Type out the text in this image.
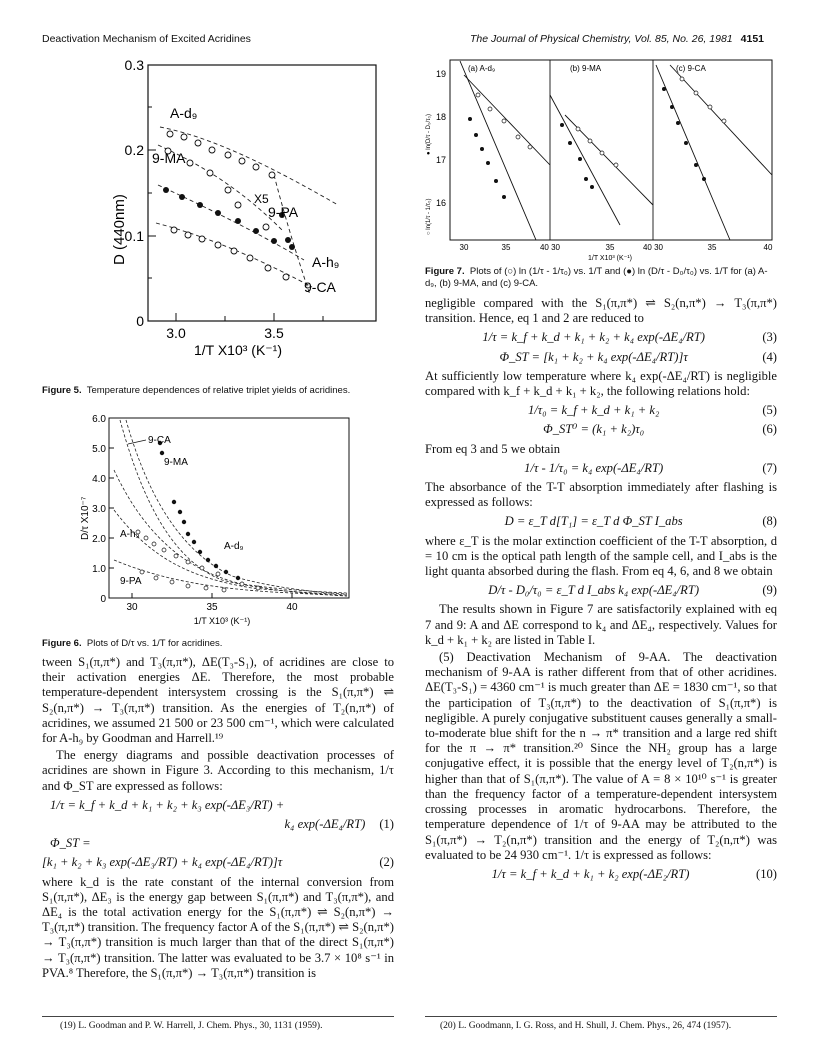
Deactivation Mechanism of Excited Acridines	The Journal of Physical Chemistry, Vol. 85, No. 26, 1981 4151
0.3
0.2
0.1
0
3.0	3.5
1/T X10³ (K⁻¹)
D (440nm)
A-d₉
9-MA
X5
9-PA
A-h₉
9-CA
Figure 5. Temperature dependences of relative triplet yields of acridines.
6.0
5.0
4.0
3.0
2.0
1.0
0
30	35	40
1/T X10³ (K⁻¹)
D/τ X10⁻⁷
9-CA
9-MA
A-h₉
A-d₉
9-PA
Figure 6. Plots of D/τ vs. 1/T for acridines.

tween S₁(π,π*) and T₃(π,π*), ΔE(T₃-S₁), of acridines are close to their activation energies ΔE. Therefore, the most probable temperature-dependent intersystem crossing is the S₁(π,π*) ⇌ S₂(n,π*) → T₃(π,π*) transition. As the energies of T₂(n,π*) of acridines, we assumed 21 500 or 23 500 cm⁻¹, which were calculated for A-h₉ by Goodman and Harrell.¹⁹

The energy diagrams and possible deactivation processes of acridines are shown in Figure 3. According to this mechanism, 1/τ and Φ_ST are expressed as follows:

1/τ = k_f + k_d + k₁ + k₂ + k₃ exp(-ΔE₃/RT) +
k₄ exp(-ΔE₄/RT) (1)
Φ_ST =
[k₁ + k₂ + k₃ exp(-ΔE₃/RT) + k₄ exp(-ΔE₄/RT)]τ	(2)

where k_d is the rate constant of the internal conversion from S₁(π,π*), ΔE₃ is the energy gap between S₁(π,π*) and T₃(π,π*), and ΔE₄ is the total activation energy for the S₁(π,π*) ⇌ S₂(n,π*) → T₃(π,π*) transition. The frequency factor A of the S₁(π,π*) ⇌ S₂(n,π*) → T₃(π,π*) transition is much larger than that of the direct S₁(π,π*) → T₃(π,π*) transition. The latter was evaluated to be 3.7 × 10⁸ s⁻¹ in PVA.⁸ Therefore, the S₁(π,π*) → T₃(π,π*) transition is

(19) L. Goodman and P. W. Harrell, J. Chem. Phys., 30, 1131 (1959).
(a) A-d₉	(b) 9-MA	(c) 9-CA
19
18
17
16
○ ln(1/τ - 1/τ₀)
● ln(D/τ - D₀/τ₀)
30	35	40 30	35	40 30	35	40
1/T X10³ (K⁻¹)
Figure 7. Plots of (○) ln (1/τ - 1/τ₀) vs. 1/T and (●) ln (D/τ - D₀/τ₀) vs. 1/T for (a) A-d₉, (b) 9-MA, and (c) 9-CA.

negligible compared with the S₁(π,π*) ⇌ S₂(n,π*) → T₃(π,π*) transition. Hence, eq 1 and 2 are reduced to

1/τ = k_f + k_d + k₁ + k₂ + k₄ exp(-ΔE₄/RT)	(3)
Φ_ST = [k₁ + k₂ + k₄ exp(-ΔE₄/RT)]τ	(4)

At sufficiently low temperature where k₄ exp(-ΔE₄/RT) is negligible compared with k_f + k_d + k₁ + k₂, the following relations hold:

1/τ₀ = k_f + k_d + k₁ + k₂	(5)
Φ_ST⁰ = (k₁ + k₂)τ₀	(6)

From eq 3 and 5 we obtain

1/τ - 1/τ₀ = k₄ exp(-ΔE₄/RT)	(7)

The absorbance of the T-T absorption immediately after flashing is expressed as follows:

D = ε_T d[T₁] = ε_T d Φ_ST I_abs	(8)

where ε_T is the molar extinction coefficient of the T-T absorption, d = 10 cm is the optical path length of the sample cell, and I_abs is the light quanta absorbed during the flash. From eq 4, 6, and 8 we obtain

D/τ - D₀/τ₀ = ε_T d I_abs k₄ exp(-ΔE₄/RT)	(9)

The results shown in Figure 7 are satisfactorily explained with eq 7 and 9: A and ΔE correspond to k₄ and ΔE₄, respectively. Values for k_d + k₁ + k₂ are listed in Table I.

(5) Deactivation Mechanism of 9-AA. The deactivation mechanism of 9-AA is rather different from that of other acridines. ΔE(T₃-S₁) = 4360 cm⁻¹ is much greater than ΔE = 1830 cm⁻¹, so that the participation of T₃(π,π*) to the deactivation of S₁(π,π*) is negligible. A purely conjugative substituent causes generally a small-to-moderate blue shift for the n → π* transition and a large red shift for the π → π* transition.²⁰ Since the NH₂ group has a large conjugative effect, it is possible that the energy level of T₂(n,π*) is higher than that of S₁(π,π*). The value of A = 8 × 10¹⁰ s⁻¹ is greater than the frequency factor of a temperature-dependent intersystem crossing processes in aromatic hydrocarbons. Therefore, the temperature dependence of 1/τ of 9-AA may be attributed to the S₁(π,π*) → T₂(n,π*) transition and the energy of T₂(n,π*) was evaluated to be 24 930 cm⁻¹. 1/τ is expressed as follows:

1/τ = k_f + k_d + k₁ + k₂ exp(-ΔE₂/RT)	(10)
(20) L. Goodmann, I. G. Ross, and H. Shull, J. Chem. Phys., 26, 474 (1957).
